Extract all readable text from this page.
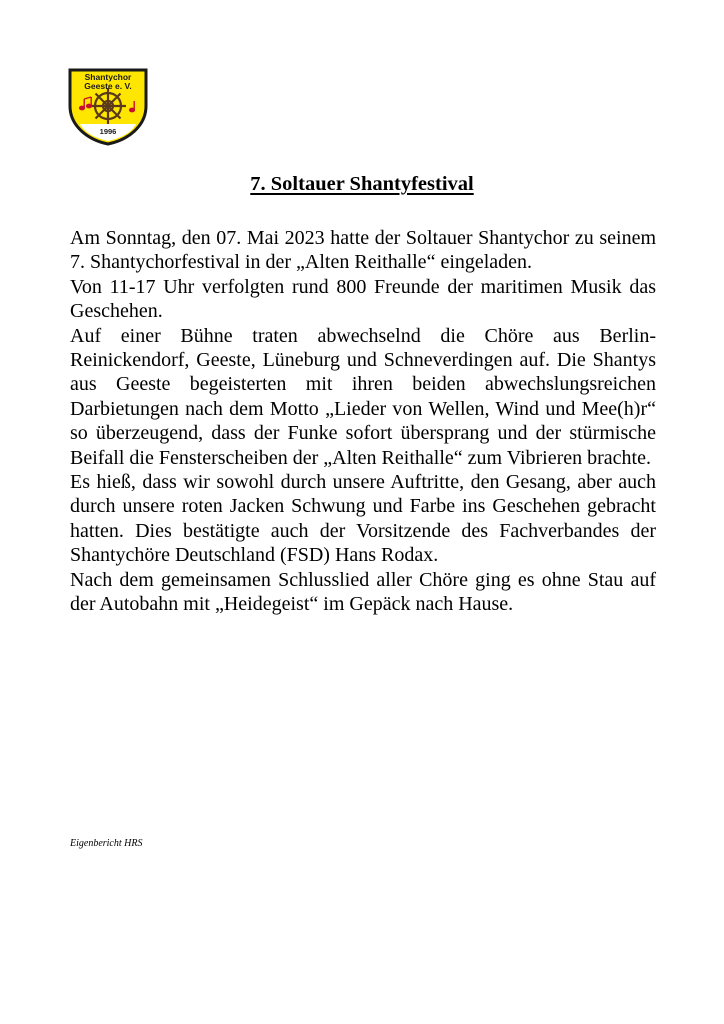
Shantychor
Geeste e. V.
1996
7. Soltauer Shantyfestival

Am Sonntag, den 07. Mai 2023 hatte der Soltauer Shantychor zu seinem 7. Shantychorfestival in der „Alten Reithalle“ eingeladen.

Von 11-17 Uhr verfolgten rund 800 Freunde der maritimen Musik das Geschehen.

Auf einer Bühne traten abwechselnd die Chöre aus Berlin-Reinickendorf, Geeste, Lüneburg und Schneverdingen auf. Die Shantys aus Geeste begeisterten mit ihren beiden abwechslungsreichen Darbietungen nach dem Motto „Lieder von Wellen, Wind und Mee(h)r“ so überzeugend, dass der Funke sofort übersprang und der stürmische Beifall die Fensterscheiben der „Alten Reithalle“ zum Vibrieren brachte.

Es hieß, dass wir sowohl durch unsere Auftritte, den Gesang, aber auch durch unsere roten Jacken Schwung und Farbe ins Geschehen gebracht hatten. Dies bestätigte auch der Vorsitzende des Fachverbandes der Shantychöre Deutschland (FSD) Hans Rodax.

Nach dem gemeinsamen Schlusslied aller Chöre ging es ohne Stau auf der Autobahn mit „Heidegeist“ im Gepäck nach Hause.

Eigenbericht HRS
